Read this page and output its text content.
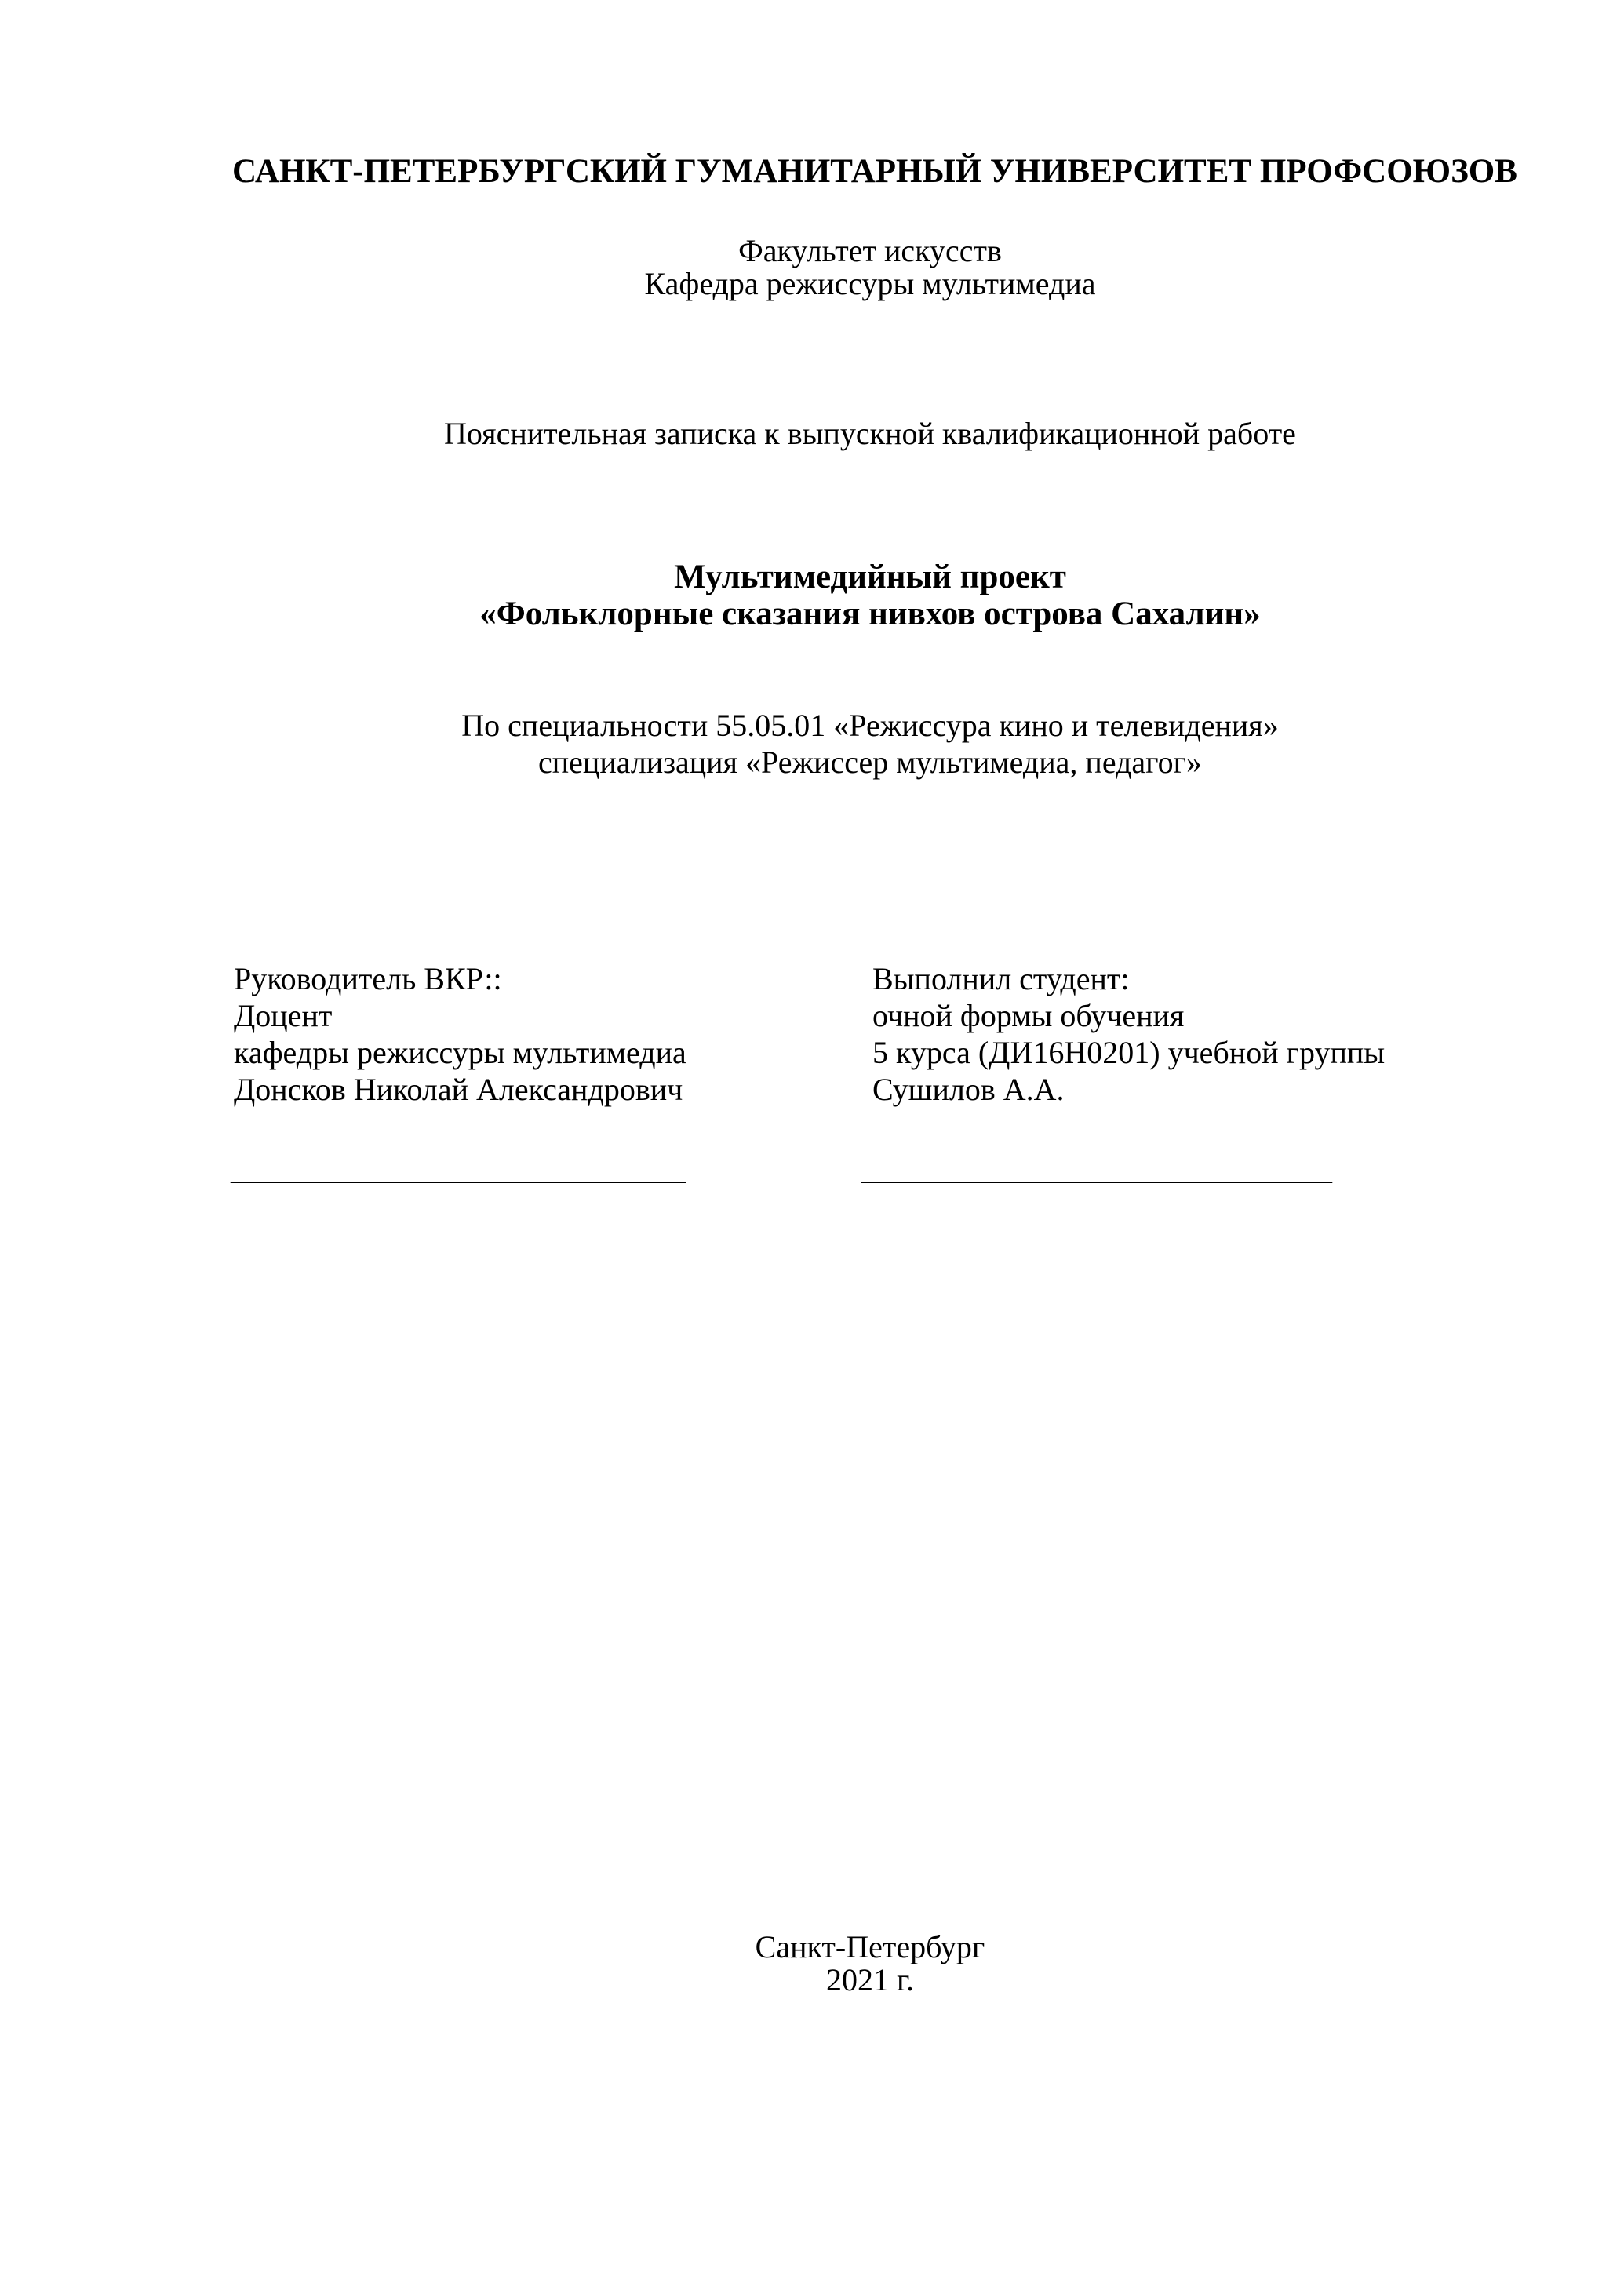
САНКТ-ПЕТЕРБУРГСКИЙ ГУМАНИТАРНЫЙ УНИВЕРСИТЕТ ПРОФСОЮЗОВ
Факультет искусств
Кафедра режиссуры мультимедиа
Пояснительная записка к выпускной квалификационной работе
Мультимедийный проект
«Фольклорные сказания нивхов острова Сахалин»
По специальности 55.05.01 «Режиссура кино и телевидения»
специализация «Режиссер мультимедиа, педагог»
Руководитель ВКР::
Доцент
кафедры режиссуры мультимедиа
Донсков Николай Александрович
Выполнил студент:
очной формы обучения
5 курса (ДИ16Н0201) учебной группы
Сушилов А.А.
_____________________________	______________________________
Санкт-Петербург
2021 г.
